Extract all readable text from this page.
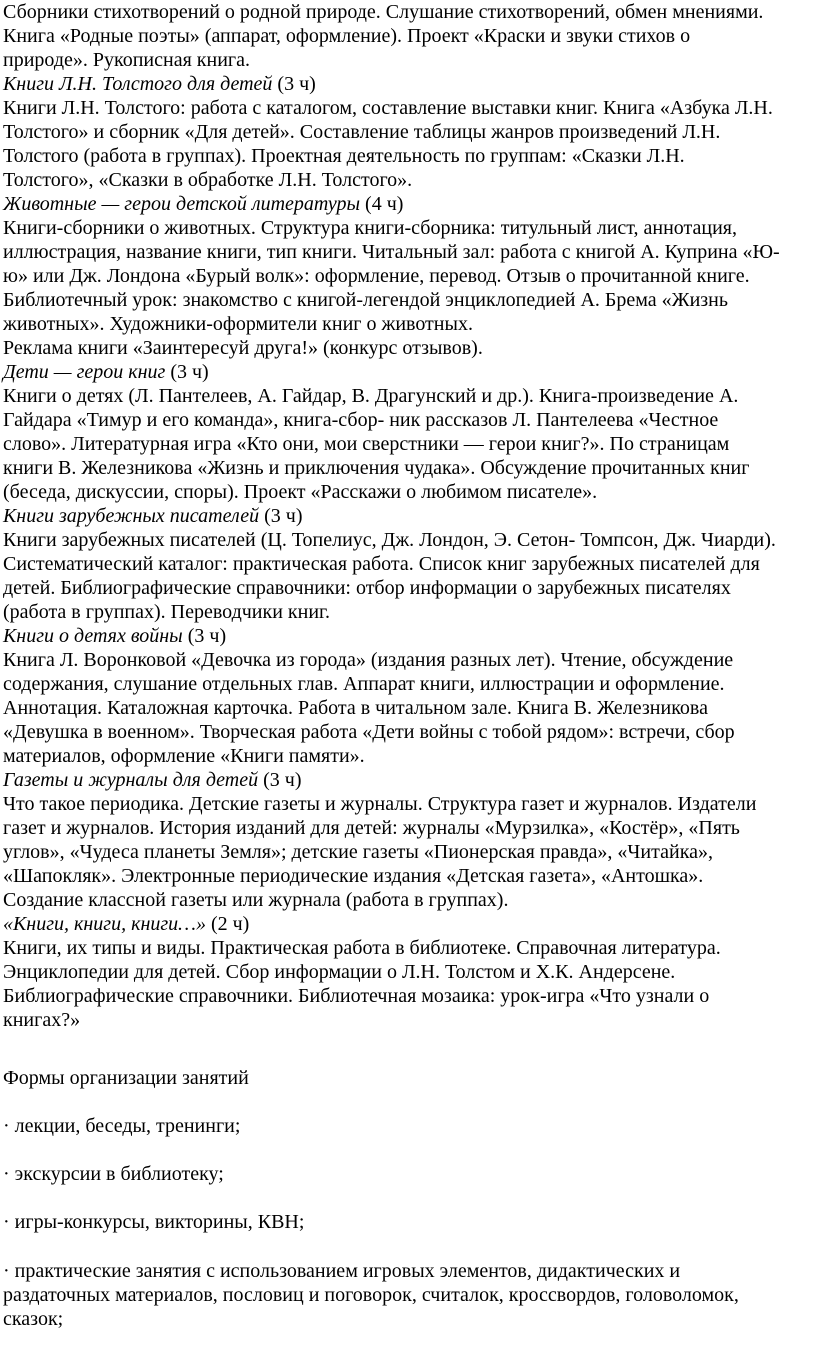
Сборники стихотворений о родной природе. Слушание стихотворений, обмен мнениями.
Книга «Родные поэты» (аппарат, оформление). Проект «Краски и звуки стихов о
природе». Рукописная книга.
Книги Л.Н. Толстого для детей (3 ч)
Книги Л.Н. Толстого: работа с каталогом, составление выставки книг. Книга «Азбука Л.Н.
Толстого» и сборник «Для детей». Составление таблицы жанров произведений Л.Н.
Толстого (работа в группах). Проектная деятельность по группам: «Сказки Л.Н.
Толстого», «Сказки в обработке Л.Н. Толстого».
Животные — герои детской литературы (4 ч)
Книги-сборники о животных. Структура книги-сборника: титульный лист, аннотация,
иллюстрация, название книги, тип книги. Читальный зал: работа с книгой А. Куприна «Ю-
ю» или Дж. Лондона «Бурый волк»: оформление, перевод. Отзыв о прочитанной книге.
Библиотечный урок: знакомство с книгой-легендой энциклопедией А. Брема «Жизнь
животных». Художники-оформители книг о животных.
Реклама книги «Заинтересуй друга!» (конкурс отзывов).
Дети — герои книг (3 ч)
Книги о детях (Л. Пантелеев, А. Гайдар, В. Драгунский и др.). Книга-произведение А.
Гайдара «Тимур и его команда», книга-сбор- ник рассказов Л. Пантелеева «Честное
слово». Литературная игра «Кто они, мои сверстники — герои книг?». По страницам
книги В. Железникова «Жизнь и приключения чудака». Обсуждение прочитанных книг
(беседа, дискуссии, споры). Проект «Расскажи о любимом писателе».
Книги зарубежных писателей (3 ч)
Книги зарубежных писателей (Ц. Топелиус, Дж. Лондон, Э. Сетон- Томпсон, Дж. Чиарди).
Систематический каталог: практическая работа. Список книг зарубежных писателей для
детей. Библиографические справочники: отбор информации о зарубежных писателях
(работа в группах). Переводчики книг.
Книги о детях войны (3 ч)
Книга Л. Воронковой «Девочка из города» (издания разных лет). Чтение, обсуждение
содержания, слушание отдельных глав. Аппарат книги, иллюстрации и оформление.
Аннотация. Каталожная карточка. Работа в читальном зале. Книга В. Железникова
«Девушка в военном». Творческая работа «Дети войны с тобой рядом»: встречи, сбор
материалов, оформление «Книги памяти».
Газеты и журналы для детей (3 ч)
Что такое периодика. Детские газеты и журналы. Структура газет и журналов. Издатели
газет и журналов. История изданий для детей: журналы «Мурзилка», «Костёр», «Пять
углов», «Чудеса планеты Земля»; детские газеты «Пионерская правда», «Читайка»,
«Шапокляк». Электронные периодические издания «Детская газета», «Антошка».
Создание классной газеты или журнала (работа в группах).
«Книги, книги, книги…» (2 ч)
Книги, их типы и виды. Практическая работа в библиотеке. Справочная литература.
Энциклопедии для детей. Сбор информации о Л.Н. Толстом и Х.К. Андерсене.
Библиографические справочники. Библиотечная мозаика: урок-игра «Что узнали о
книгах?»
Формы организации занятий
· лекции, беседы, тренинги;
· экскурсии в библиотеку;
· игры-конкурсы, викторины, КВН;
· практические занятия с использованием игровых элементов, дидактических и
раздаточных материалов, пословиц и поговорок, считалок, кроссвордов, головоломок,
сказок;
